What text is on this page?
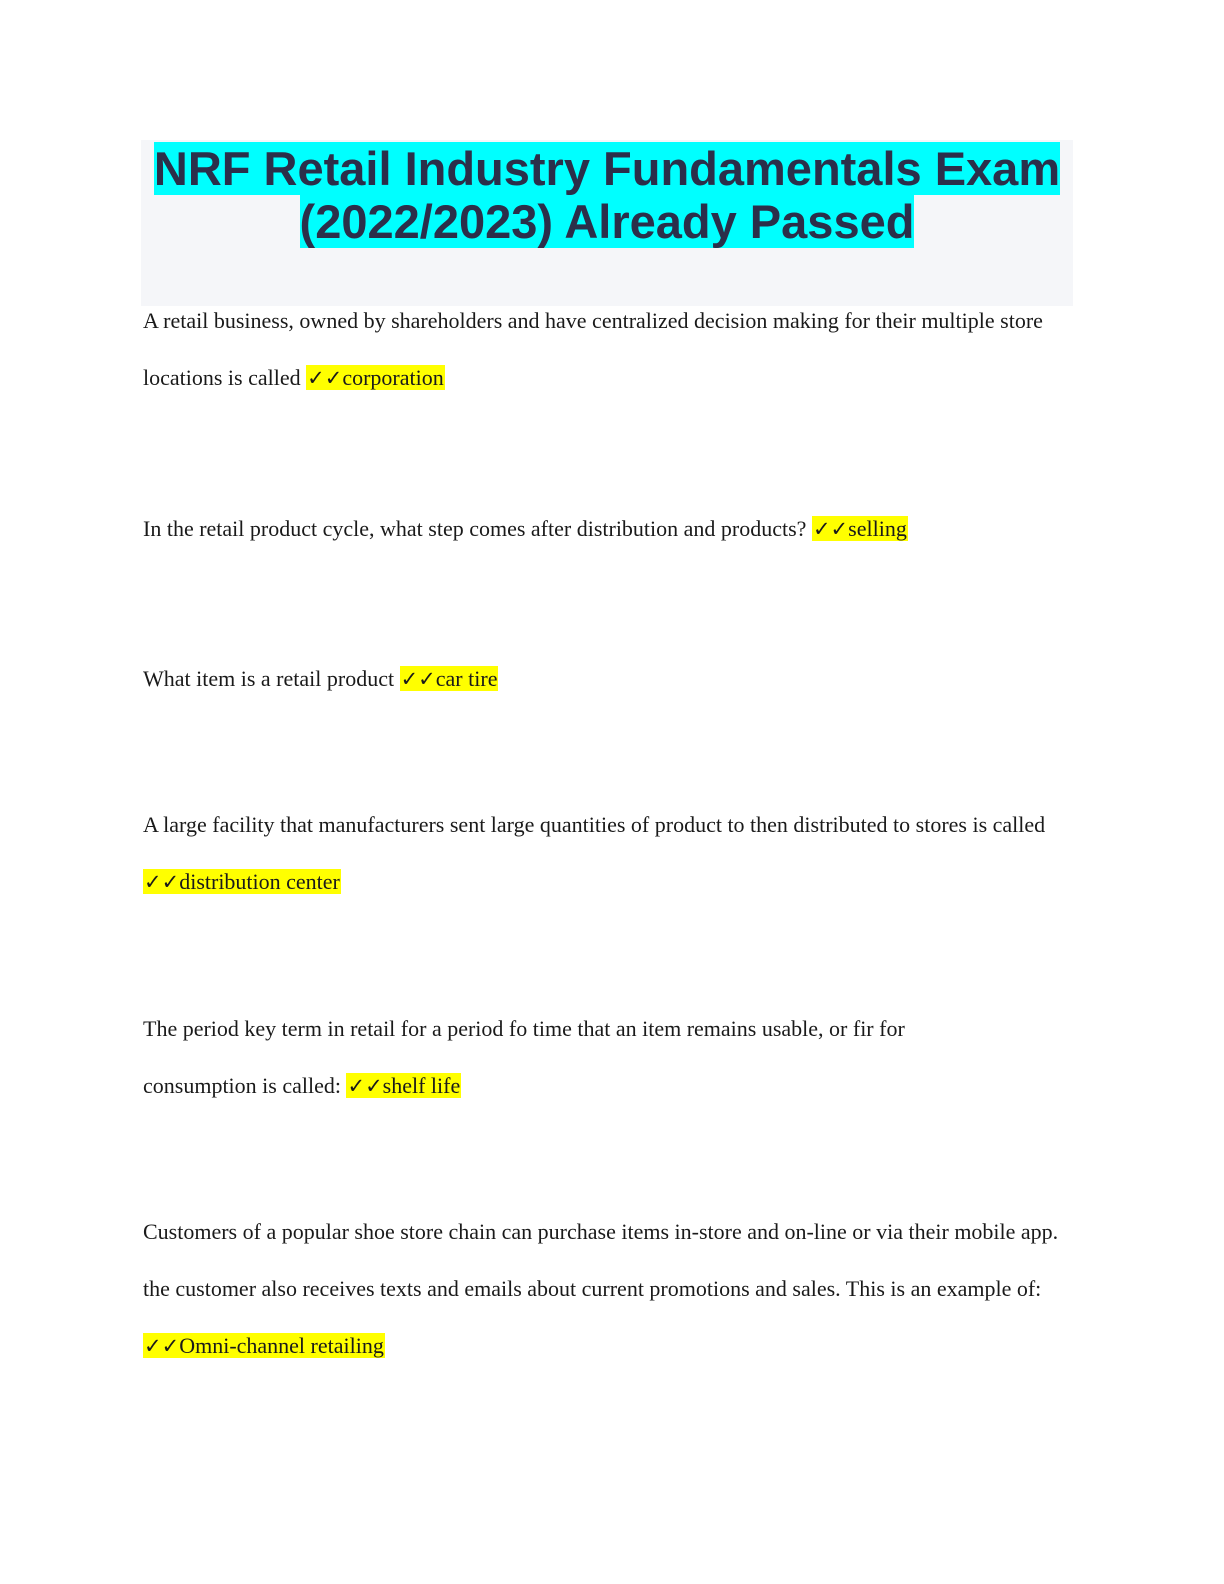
NRF Retail Industry Fundamentals Exam
(2022/2023) Already Passed

A retail business, owned by shareholders and have centralized decision making for their multiple store locations is called ✓✓corporation

In the retail product cycle, what step comes after distribution and products? ✓✓selling

What item is a retail product ✓✓car tire

A large facility that manufacturers sent large quantities of product to then distributed to stores is called ✓✓distribution center

The period key term in retail for a period fo time that an item remains usable, or fir for consumption is called: ✓✓shelf life

Customers of a popular shoe store chain can purchase items in-store and on-line or via their mobile app. the customer also receives texts and emails about current promotions and sales. This is an example of: ✓✓Omni-channel retailing
